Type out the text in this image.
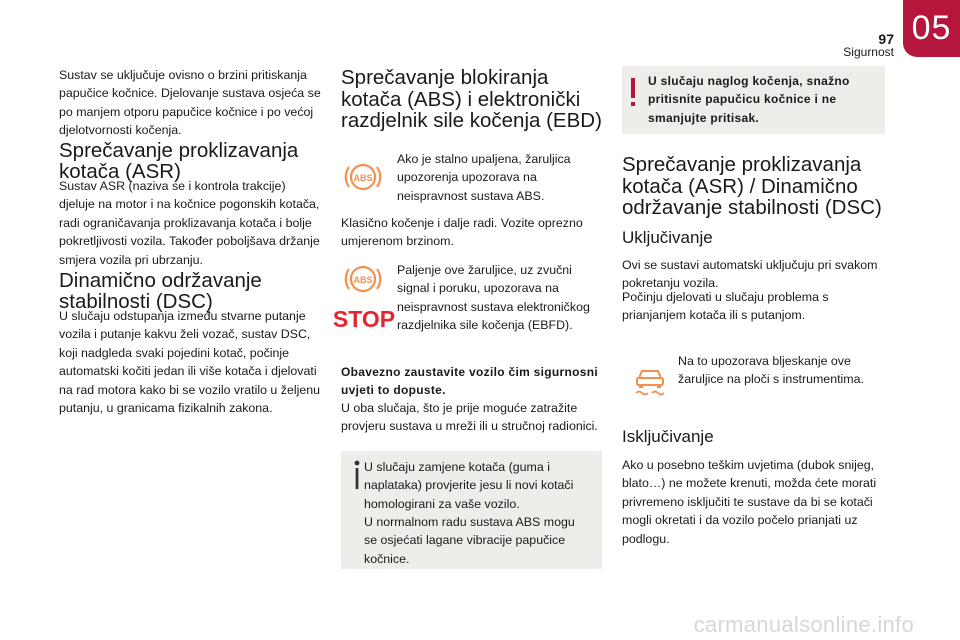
97
Sigurnost
05

Sustav se uključuje ovisno o brzini pritiskanja papučice kočnice. Djelovanje sustava osjeća se po manjem otporu papučice kočnice i po većoj djelotvornosti kočenja.

Sprečavanje proklizavanja kotača (ASR)

Sustav ASR (naziva se i kontrola trakcije) djeluje na motor i na kočnice pogonskih kotača, radi ograničavanja proklizavanja kotača i bolje pokretljivosti vozila. Također poboljšava držanje smjera vozila pri ubrzanju.

Dinamično održavanje stabilnosti (DSC)

U slučaju odstupanja između stvarne putanje vozila i putanje kakvu želi vozač, sustav DSC, koji nadgleda svaki pojedini kotač, počinje automatski kočiti jedan ili više kotača i djelovati na rad motora kako bi se vozilo vratilo u željenu putanju, u granicama fizikalnih zakona.

Sprečavanje blokiranja kotača (ABS) i elektronički razdjelnik sile kočenja (EBD)
ABS

Ako je stalno upaljena, žaruljica upozorenja upozorava na neispravnost sustava ABS.

Klasično kočenje i dalje radi. Vozite oprezno umjerenom brzinom.

ABS
STOP

Paljenje ove žaruljice, uz zvučni signal i poruku, upozorava na neispravnost sustava elektroničkog razdjelnika sile kočenja (EBFD).

Obavezno zaustavite vozilo čim sigurnosni uvjeti to dopuste.

U oba slučaja, što je prije moguće zatražite provjeru sustava u mreži ili u stručnoj radionici.

U slučaju zamjene kotača (guma i naplataka) provjerite jesu li novi kotači homologirani za vaše vozilo.

U normalnom radu sustava ABS mogu se osjećati lagane vibracije papučice kočnice.

U slučaju naglog kočenja, snažno pritisnite papučicu kočnice i ne smanjujte pritisak.

Sprečavanje proklizavanja kotača (ASR) / Dinamično održavanje stabilnosti (DSC)
Uključivanje

Ovi se sustavi automatski uključuju pri svakom pokretanju vozila.

Počinju djelovati u slučaju problema s prianjanjem kotača ili s putanjom.

Na to upozorava bljeskanje ove žaruljice na ploči s instrumentima.

Isključivanje

Ako u posebno teškim uvjetima (dubok snijeg, blato…) ne možete krenuti, možda ćete morati privremeno isključiti te sustave da bi se kotači mogli okretati i da vozilo počelo prianjati uz podlogu.

carmanualsonline.info
